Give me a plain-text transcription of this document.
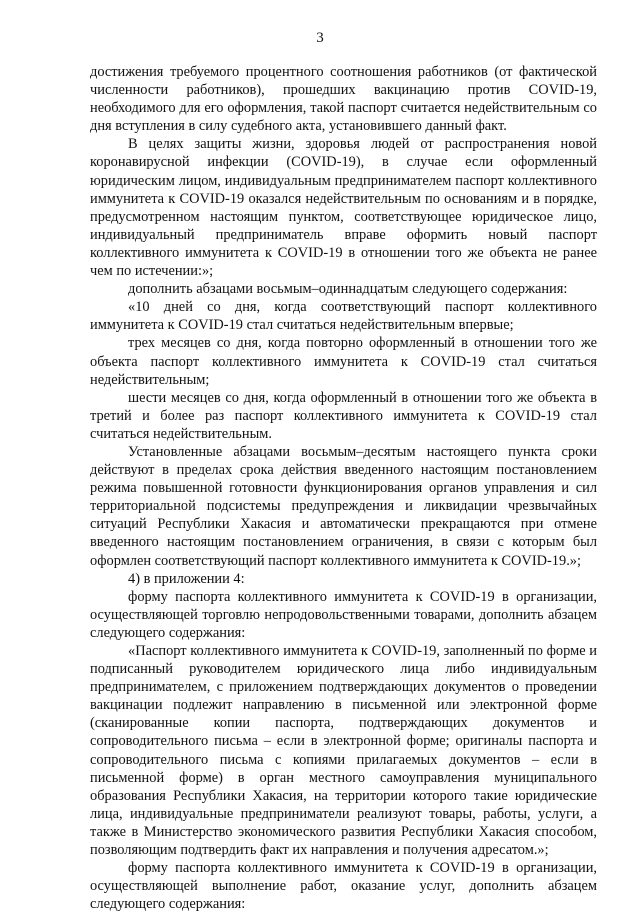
3

достижения требуемого процентного соотношения работников (от фактической численности работников), прошедших вакцинацию против COVID-19, необходимого для его оформления, такой паспорт считается недействительным со дня вступления в силу судебного акта, установившего данный факт.

В целях защиты жизни, здоровья людей от распространения новой коронавирусной инфекции (COVID-19), в случае если оформленный юридическим лицом, индивидуальным предпринимателем паспорт коллективного иммунитета к COVID-19 оказался недействительным по основаниям и в порядке, предусмотренном настоящим пунктом, соответствующее юридическое лицо, индивидуальный предприниматель вправе оформить новый паспорт коллективного иммунитета к COVID-19 в отношении того же объекта не ранее чем по истечении:»;

дополнить абзацами восьмым–одиннадцатым следующего содержания:

«10 дней со дня, когда соответствующий паспорт коллективного иммунитета к COVID-19 стал считаться недействительным впервые;

трех месяцев со дня, когда повторно оформленный в отношении того же объекта паспорт коллективного иммунитета к COVID-19 стал считаться недействительным;

шести месяцев со дня, когда оформленный в отношении того же объекта в третий и более раз паспорт коллективного иммунитета к COVID-19 стал считаться недействительным.

Установленные абзацами восьмым–десятым настоящего пункта сроки действуют в пределах срока действия введенного настоящим постановлением режима повышенной готовности функционирования органов управления и сил территориальной подсистемы предупреждения и ликвидации чрезвычайных ситуаций Республики Хакасия и автоматически прекращаются при отмене введенного настоящим постановлением ограничения, в связи с которым был оформлен соответствующий паспорт коллективного иммунитета к COVID-19.»;

4) в приложении 4:

форму паспорта коллективного иммунитета к COVID-19 в организации, осуществляющей торговлю непродовольственными товарами, дополнить абзацем следующего содержания:

«Паспорт коллективного иммунитета к COVID-19, заполненный по форме и подписанный руководителем юридического лица либо индивидуальным предпринимателем, с приложением подтверждающих документов о проведении вакцинации подлежит направлению в письменной или электронной форме (сканированные копии паспорта, подтверждающих документов и сопроводительного письма – если в электронной форме; оригиналы паспорта и сопроводительного письма с копиями прилагаемых документов – если в письменной форме) в орган местного самоуправления муниципального образования Республики Хакасия, на территории которого такие юридические лица, индивидуальные предприниматели реализуют товары, работы, услуги, а также в Министерство экономического развития Республики Хакасия способом, позволяющим подтвердить факт их направления и получения адресатом.»;

форму паспорта коллективного иммунитета к COVID-19 в организации, осуществляющей выполнение работ, оказание услуг, дополнить абзацем следующего содержания:
